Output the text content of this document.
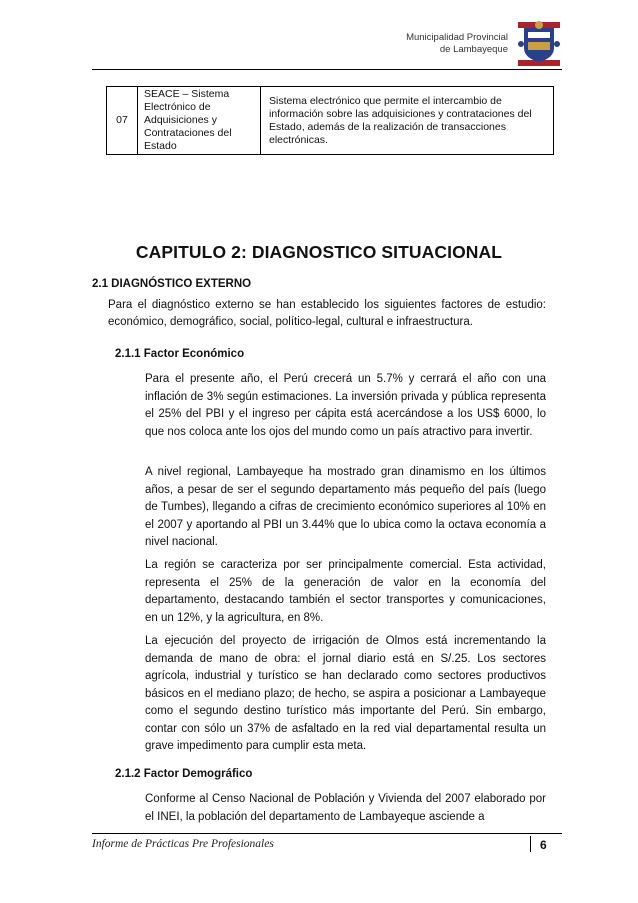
Municipalidad Provincial
de Lambayeque
07	SEACE – Sistema Electrónico de Adquisiciones y Contrataciones del Estado	Sistema electrónico que permite el intercambio de información sobre las adquisiciones y contrataciones del Estado, además de la realización de transacciones electrónicas.
CAPITULO 2: DIAGNOSTICO SITUACIONAL
2.1 DIAGNÓSTICO EXTERNO
Para el diagnóstico externo se han establecido los siguientes factores de estudio: económico, demográfico, social, político-legal, cultural e infraestructura.
2.1.1 Factor Económico
Para el presente año, el Perú crecerá un 5.7% y cerrará el año con una inflación de 3% según estimaciones. La inversión privada y pública representa el 25% del PBI y el ingreso per cápita está acercándose a los US$ 6000, lo que nos coloca ante los ojos del mundo como un país atractivo para invertir.
A nivel regional, Lambayeque ha mostrado gran dinamismo en los últimos años, a pesar de ser el segundo departamento más pequeño del país (luego de Tumbes), llegando a cifras de crecimiento económico superiores al 10% en el 2007 y aportando al PBI un 3.44% que lo ubica como la octava economía a nivel nacional.
La región se caracteriza por ser principalmente comercial. Esta actividad, representa el 25% de la generación de valor en la economía del departamento, destacando también el sector transportes y comunicaciones, en un 12%, y la agricultura, en 8%.
La ejecución del proyecto de irrigación de Olmos está incrementando la demanda de mano de obra: el jornal diario está en S/.25. Los sectores agrícola, industrial y turístico se han declarado como sectores productivos básicos en el mediano plazo; de hecho, se aspira a posicionar a Lambayeque como el segundo destino turístico más importante del Perú. Sin embargo, contar con sólo un 37% de asfaltado en la red vial departamental resulta un grave impedimento para cumplir esta meta.
2.1.2 Factor Demográfico
Conforme al Censo Nacional de Población y Vivienda del 2007 elaborado por el INEI, la población del departamento de Lambayeque asciende a
Informe de Prácticas Pre Profesionales	6
